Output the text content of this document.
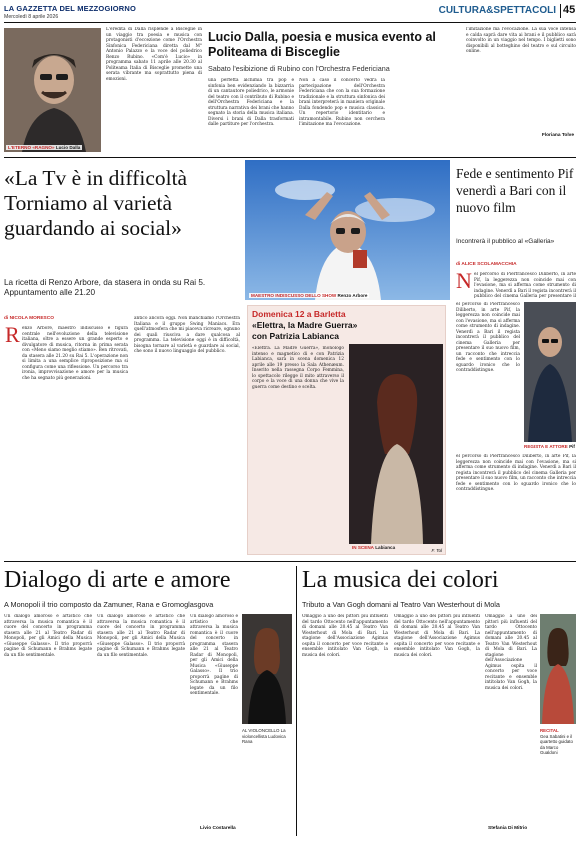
LA GAZZETTA DEL MEZZOGIORNO
Mercoledì 8 aprile 2026
CULTURA&SPETTACOLI 45
L'eredità di Dalla risplende a Bisceglie in un viaggio tra poesia e musica con protagonisti d'eccezione come l'Orchestra Sinfonica Federiciana diretta dal M° Antonio Palazzo e la voce del poliedrico Renzo Rubino. «Com'è Lucio» in programma sabato 11 aprile alle 20.30 al Politeama Italia di Bisceglie promette una serata vibrante ma soprattutto piena di emozioni.
L'ETERNO «RAGNO» Lucio Dalla
Lucio Dalla, poesia e musica evento al Politeama di Bisceglie
Sabato l'esibizione di Rubino con l'Orchestra Federiciana
una perfetta alchimia tra pop e sinfonia ben evidenziando la bizzarria di un cantautore poliedrico, le armonie del teatro con il contributo di Rubino e dell'Orchestra Federiciana e la struttura narrativa dei brani che hanno segnato la storia della musica italiana. Diversi i brani di Dalla trasformati dalle partiture per l'orchestra.
Non a caso il concerto vedrà la partecipazione dell'Orchestra Federiciana che con la sua formazione tradizionale e la struttura sinfonica dei brani interpreterà in maniera originale Dalla fondendo pop e musica classica. Un repertorio identitario e intramontabile. Rubino non cerchera l'imitazione ma l'evocazione.
l'imitazione ma l'evocazione. La sua voce intensa e calda saprà dare vita ai brani e il pubblico sarà coinvolto in un viaggio nel tempo. I biglietti sono disponibili al botteghino del teatro e sul circuito online.
Floriana Tolve
«La Tv è in difficoltà Torniamo al varietà guardando ai social»
La ricetta di Renzo Arbore, da stasera in onda su Rai 5. Appuntamento alle 21.20	MAESTRO INDISCUSSO DELLO SHOW Renzo Arbore
Fede e sentimento Pif venerdì a Bari con il nuovo film
Incontrerà il pubblico al «Galleria»
di ALICE SCOLAMACCHIA
di NICOLA MORESCO
R enzo Arbore, maestro indiscusso e figura centrale nell'evoluzione della televisione italiana, oltre a essere un grande esperto e divulgatore di musica, ritorna in prima serata con «Meno siamo meglio stiamo». Ben ritrovati, da stasera alle 21.20 su Rai 5. L'operazione non si limita a una semplice riproposizione ma si configura come una riflessione. Un percorso tra ironia, improvvisazione e amore per la musica che ha segnato più generazioni.
antico ancora oggi. Non manchiamo l'Orchestra Italiana e il gruppo Swing Maniacs. Era quell'atmosfera che mi piaceva ricreare, ognuno dei quali riusciva a dare qualcosa al programma. La televisione oggi è in difficoltà, bisogna tornare al varietà e guardare ai social, che sono il nuovo linguaggio del pubblico.
Domenica 12 a Barletta
«Elettra, la Madre Guerra» con Patrizia Labianca
«Elettra. La Madre Guerra», monologo intenso e magnetico di e con Patrizia Labianca, sarà in scena domenica 12 aprile alle 19 presso la Sala Athenæum. Inserito nella rassegna Corpo Femmina, lo spettacolo rilegge il mito attraverso il corpo e la voce di una donna che vive la guerra come destino e scelta.
IN SCENA Labianca
F. Tol
N el percorso di Pierfrancesco Diliberto, in arte Pif, la leggerezza non coincide mai con l'evasione, ma si afferma come strumento di indagine. Venerdì a Bari il regista incontrerà il pubblico del cinema Galleria per presentare il
el percorso di Pierfrancesco Diliberto, in arte Pif, la leggerezza non coincide mai con l'evasione, ma si afferma come strumento di indagine. Venerdì a Bari il regista incontrerà il pubblico del cinema Galleria per presentare il suo nuovo film, un racconto che intreccia fede e sentimento con lo sguardo ironico che lo contraddistingue.
REGISTA E ATTORE Pif
el percorso di Pierfrancesco Diliberto, in arte Pif, la leggerezza non coincide mai con l'evasione, ma si afferma come strumento di indagine. Venerdì a Bari il regista incontrerà il pubblico del cinema Galleria per presentare il suo nuovo film, un racconto che intreccia fede e sentimento con lo sguardo ironico che lo contraddistingue.
Dialogo di arte e amore
A Monopoli il trio composto da Zamuner, Rana e Gromoglasgova
Un dialogo amoroso e artistico che attraversa la musica romantica è il cuore del concerto in programma stasera alle 21 al Teatro Radar di Monopoli, per gli Amici della Musica «Giuseppe Galasso». Il trio proporrà pagine di Schumann e Brahms legate da un filo sentimentale.
Un dialogo amoroso e artistico che attraversa la musica romantica è il cuore del concerto in programma stasera alle 21 al Teatro Radar di Monopoli, per gli Amici della Musica «Giuseppe Galasso». Il trio proporrà pagine di Schumann e Brahms legate da un filo sentimentale.
Un dialogo amoroso e artistico che attraversa la musica romantica è il cuore del concerto in programma stasera alle 21 al Teatro Radar di Monopoli, per gli Amici della Musica «Giuseppe Galasso». Il trio proporrà pagine di Schumann e Brahms legate da un filo sentimentale.
AL VIOLONCELLO La violoncellista Ludovica Rana
Livio Costarella
La musica dei colori
Tributo a Van Gogh domani al Teatro Van Westerhout di Mola
Omaggio a uno dei pittori più influenti del tardo Ottocento nell'appuntamento di domani alle 20.45 al Teatro Van Westerhout di Mola di Bari. La stagione dell'Associazione Agimus ospita il concerto per voce recitante e ensemble intitolato Van Gogh, la musica dei colori.
Omaggio a uno dei pittori più influenti del tardo Ottocento nell'appuntamento di domani alle 20.45 al Teatro Van Westerhout di Mola di Bari. La stagione dell'Associazione Agimus ospita il concerto per voce recitante e ensemble intitolato Van Gogh, la musica dei colori.
Omaggio a uno dei pittori più influenti del tardo Ottocento nell'appuntamento di domani alle 20.45 al Teatro Van Westerhout di Mola di Bari. La stagione dell'Associazione Agimus ospita il concerto per voce recitante e ensemble intitolato Van Gogh, la musica dei colori.
RECITAL
Gea Sabatini e il quartetto guidato da Marco Gualdoni
Stefania Di Mitrio
